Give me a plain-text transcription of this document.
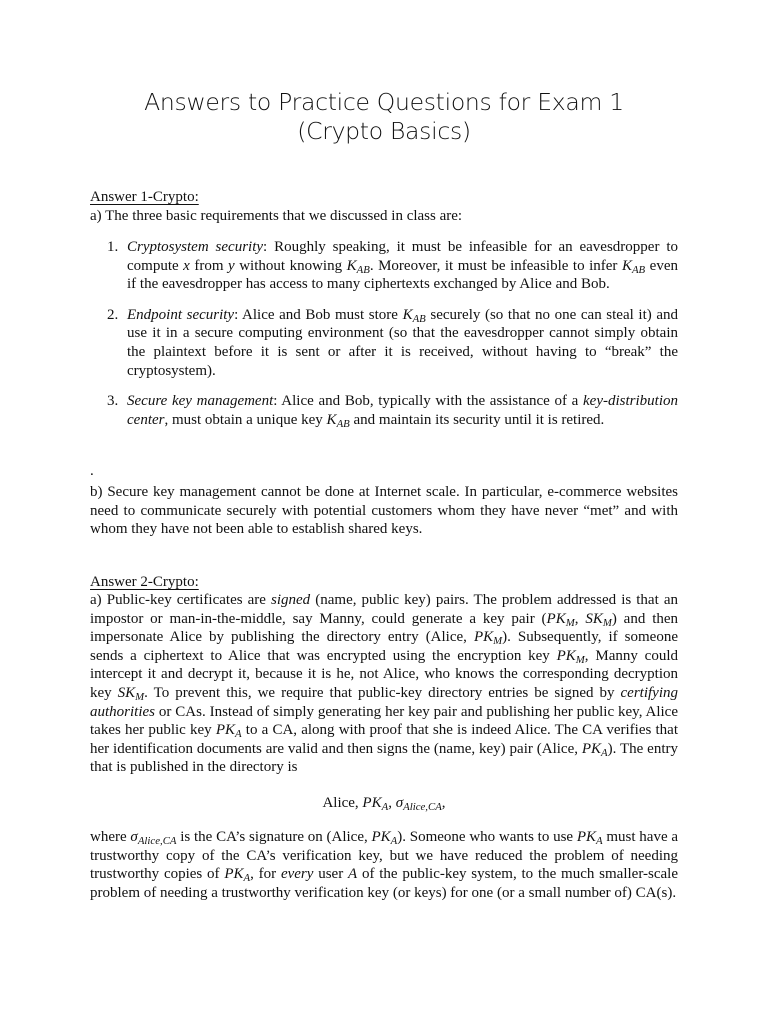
Answers to Practice Questions for Exam 1
(Crypto Basics)
Answer 1-Crypto:
a) The three basic requirements that we discussed in class are:
1. Cryptosystem security: Roughly speaking, it must be infeasible for an eavesdropper to compute x from y without knowing $K_{AB}$. Moreover, it must be infeasible to infer $K_{AB}$ even if the eavesdropper has access to many ciphertexts exchanged by Alice and Bob.
2. Endpoint security: Alice and Bob must store $K_{AB}$ securely (so that no one can steal it) and use it in a secure computing environment (so that the eavesdropper cannot simply obtain the plaintext before it is sent or after it is received, without having to “break” the cryptosystem).
3. Secure key management: Alice and Bob, typically with the assistance of a key-distribution center, must obtain a unique key $K_{AB}$ and maintain its security until it is retired.
.
b) Secure key management cannot be done at Internet scale. In particular, e-commerce websites need to communicate securely with potential customers whom they have never “met” and with whom they have not been able to establish shared keys.
Answer 2-Crypto:
a) Public-key certificates are signed (name, public key) pairs. The problem addressed is that an impostor or man-in-the-middle, say Manny, could generate a key pair ($PK_M$, $SK_M$) and then impersonate Alice by publishing the directory entry (Alice, $PK_M$). Subsequently, if someone sends a ciphertext to Alice that was encrypted using the encryption key $PK_M$, Manny could intercept it and decrypt it, because it is he, not Alice, who knows the corresponding decryption key $SK_M$. To prevent this, we require that public-key directory entries be signed by certifying authorities or CAs. Instead of simply generating her key pair and publishing her public key, Alice takes her public key $PK_A$ to a CA, along with proof that she is indeed Alice. The CA verifies that her identification documents are valid and then signs the (name, key) pair (Alice, $PK_A$). The entry that is published in the directory is
Alice, $PK_A$, $\sigma_{Alice,CA}$,
where $\sigma_{Alice,CA}$ is the CA’s signature on (Alice, $PK_A$). Someone who wants to use $PK_A$ must have a trustworthy copy of the CA’s verification key, but we have reduced the problem of needing trustworthy copies of $PK_A$, for every user A of the public-key system, to the much smaller-scale problem of needing a trustworthy verification key (or keys) for one (or a small number of) CA(s).
